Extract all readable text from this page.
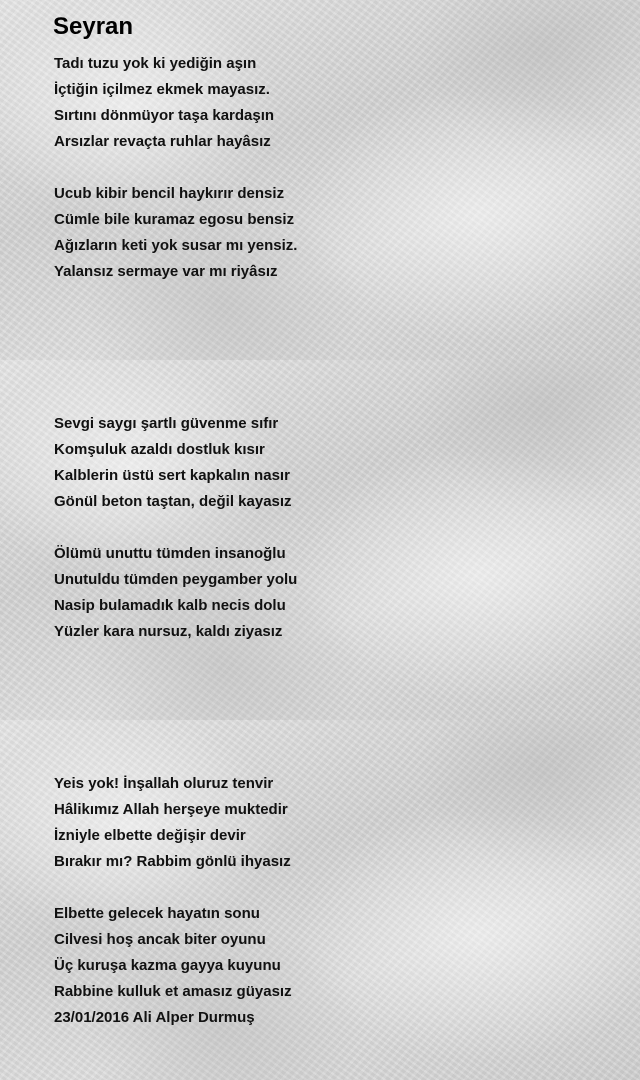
Seyran
Tadı tuzu yok ki yediğin aşın
İçtiğin içilmez ekmek mayasız.
Sırtını dönmüyor taşa kardaşın
Arsızlar revaçta ruhlar hayâsız
Ucub kibir bencil haykırır densiz
Cümle bile kuramaz egosu bensiz
Ağızların keti yok susar mı yensiz.
Yalansız sermaye var mı riyâsız
Sevgi saygı şartlı güvenme sıfır
Komşuluk azaldı dostluk kısır
Kalblerin üstü sert kapkalın nasır
Gönül beton taştan, değil kayasız
Ölümü unuttu tümden insanoğlu
Unutuldu tümden peygamber yolu
Nasip bulamadık kalb necis dolu
Yüzler kara nursuz, kaldı ziyasız
Yeis yok! İnşallah oluruz tenvir
Hâlikımız Allah herşeye muktedir
İzniyle elbette değişir devir
Bırakır mı? Rabbim gönlü ihyasız
Elbette gelecek hayatın sonu
Cilvesi hoş ancak biter oyunu
Üç kuruşa kazma gayya kuyunu
Rabbine kulluk et amasız güyasız
23/01/2016 Ali Alper Durmuş
